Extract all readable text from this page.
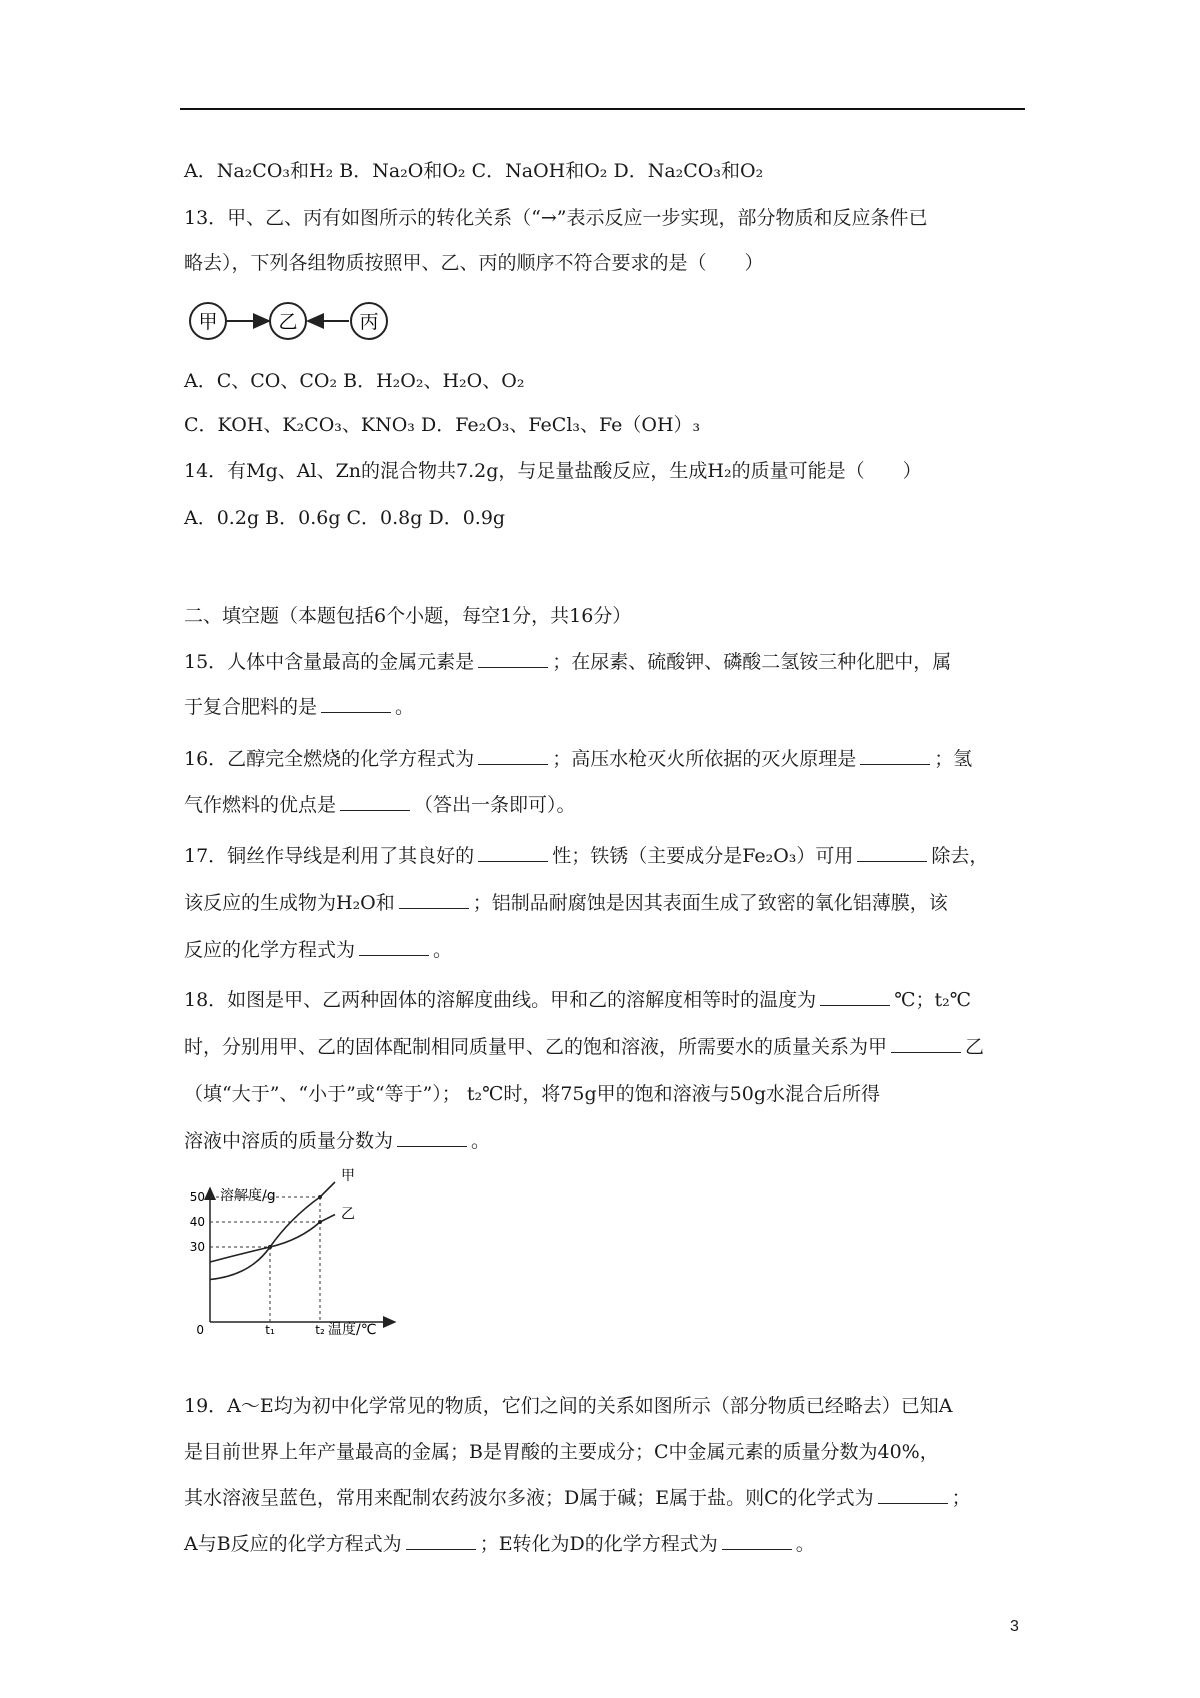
A．Na₂CO₃和H₂ B．Na₂O和O₂ C．NaOH和O₂ D．Na₂CO₃和O₂
13．甲、乙、丙有如图所示的转化关系（“→”表示反应一步实现，部分物质和反应条件已
略去），下列各组物质按照甲、乙、丙的顺序不符合要求的是（　　）
甲	乙	丙
A．C、CO、CO₂ B．H₂O₂、H₂O、O₂
C．KOH、K₂CO₃、KNO₃ D．Fe₂O₃、FeCl₃、Fe（OH）₃
14．有Mg、Al、Zn的混合物共7.2g，与足量盐酸反应，生成H₂的质量可能是（　　）
A．0.2g B．0.6g C．0.8g D．0.9g
二、填空题（本题包括6个小题，每空1分，共16分）
15．人体中含量最高的金属元素是	；在尿素、硫酸钾、磷酸二氢铵三种化肥中，属
于复合肥料的是	。
16．乙醇完全燃烧的化学方程式为	；高压水枪灭火所依据的灭火原理是	；氢
气作燃料的优点是	（答出一条即可）。
17．铜丝作导线是利用了其良好的	性；铁锈（主要成分是Fe₂O₃）可用	除去，
该反应的生成物为H₂O和	；铝制品耐腐蚀是因其表面生成了致密的氧化铝薄膜，该
反应的化学方程式为	。
18．如图是甲、乙两种固体的溶解度曲线。甲和乙的溶解度相等时的温度为	℃；t₂℃
时，分别用甲、乙的固体配制相同质量甲、乙的饱和溶液，所需要水的质量关系为甲	乙
（填“大于”、“小于”或“等于”）； t₂℃时，将75g甲的饱和溶液与50g水混合后所得
溶液中溶质的质量分数为	。
溶解度/g
温度/℃
0
30
40
50
t₁	t₂
甲
乙
19．A～E均为初中化学常见的物质，它们之间的关系如图所示（部分物质已经略去）已知A
是目前世界上年产量最高的金属；B是胃酸的主要成分；C中金属元素的质量分数为40%，
其水溶液呈蓝色，常用来配制农药波尔多液；D属于碱；E属于盐。则C的化学式为	；
A与B反应的化学方程式为	；E转化为D的化学方程式为	。
3
